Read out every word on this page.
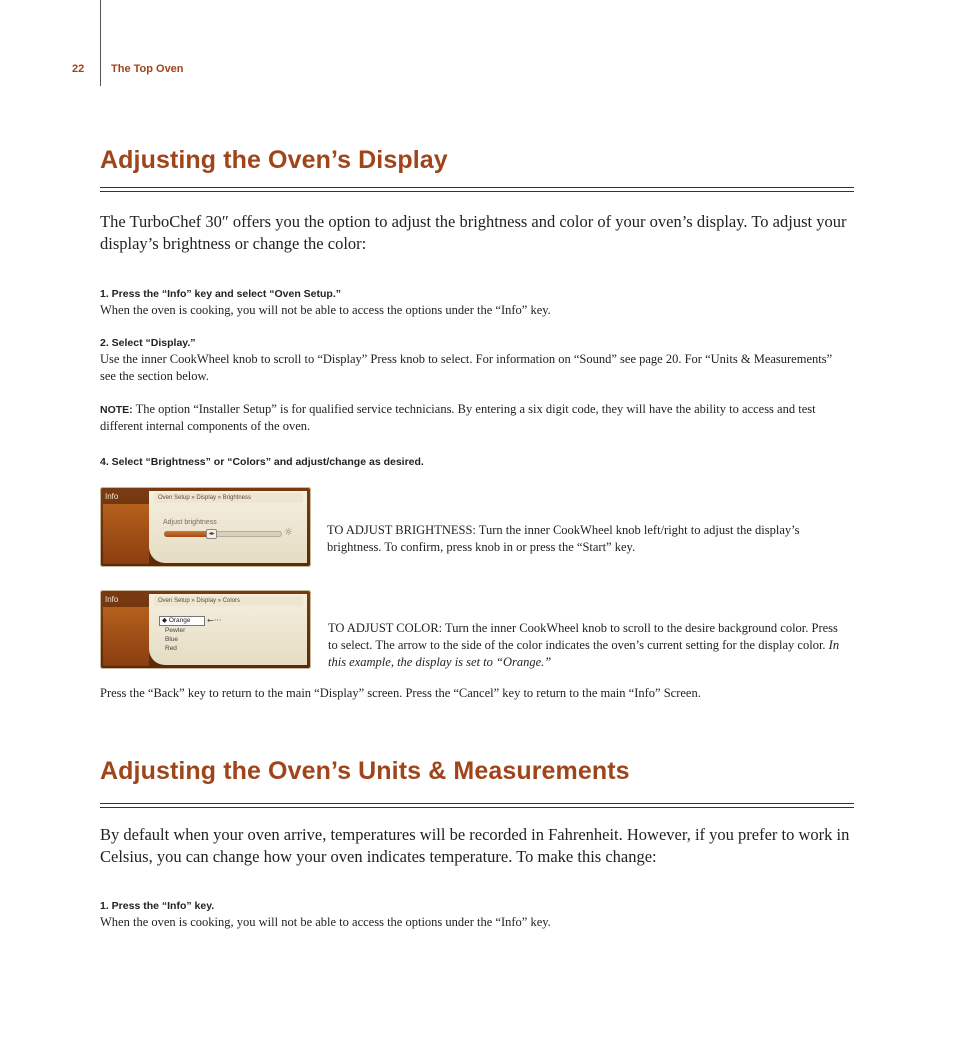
22 The Top Oven
Adjusting the Oven’s Display
The TurboChef 30″ offers you the option to adjust the brightness and color of your oven’s display. To adjust your display’s brightness or change the color:
1. Press the “Info” key and select “Oven Setup.”
When the oven is cooking, you will not be able to access the options under the “Info” key.
2. Select “Display.”
Use the inner CookWheel knob to scroll to “Display” Press knob to select. For information on “Sound” see page 20. For “Units & Measurements” see the section below.
NOTE: The option “Installer Setup” is for qualified service technicians. By entering a six digit code, they will have the ability to access and test different internal components of the oven.
4. Select “Brightness” or “Colors” and adjust/change as desired.
Info	Oven Setup » Display » Brightness
Adjust brightness
◂▸	☼	TO ADJUST BRIGHTNESS: Turn the inner CookWheel knob left/right to adjust the display’s brightness. To confirm, press knob in or press the “Start” key.
Info	Oven Setup » Display » Colors
◆ Orange	←···
Pewter
Blue
Red
TO ADJUST COLOR: Turn the inner CookWheel knob to scroll to the desire background color. Press to select. The arrow to the side of the color indicates the oven’s current setting for the display color. In this example, the display is set to “Orange.”
Press the “Back” key to return to the main “Display” screen. Press the “Cancel” key to return to the main “Info” Screen.
Adjusting the Oven’s Units & Measurements
By default when your oven arrive, temperatures will be recorded in Fahrenheit. However, if you prefer to work in Celsius, you can change how your oven indicates temperature. To make this change:
1. Press the “Info” key.
When the oven is cooking, you will not be able to access the options under the “Info” key.
